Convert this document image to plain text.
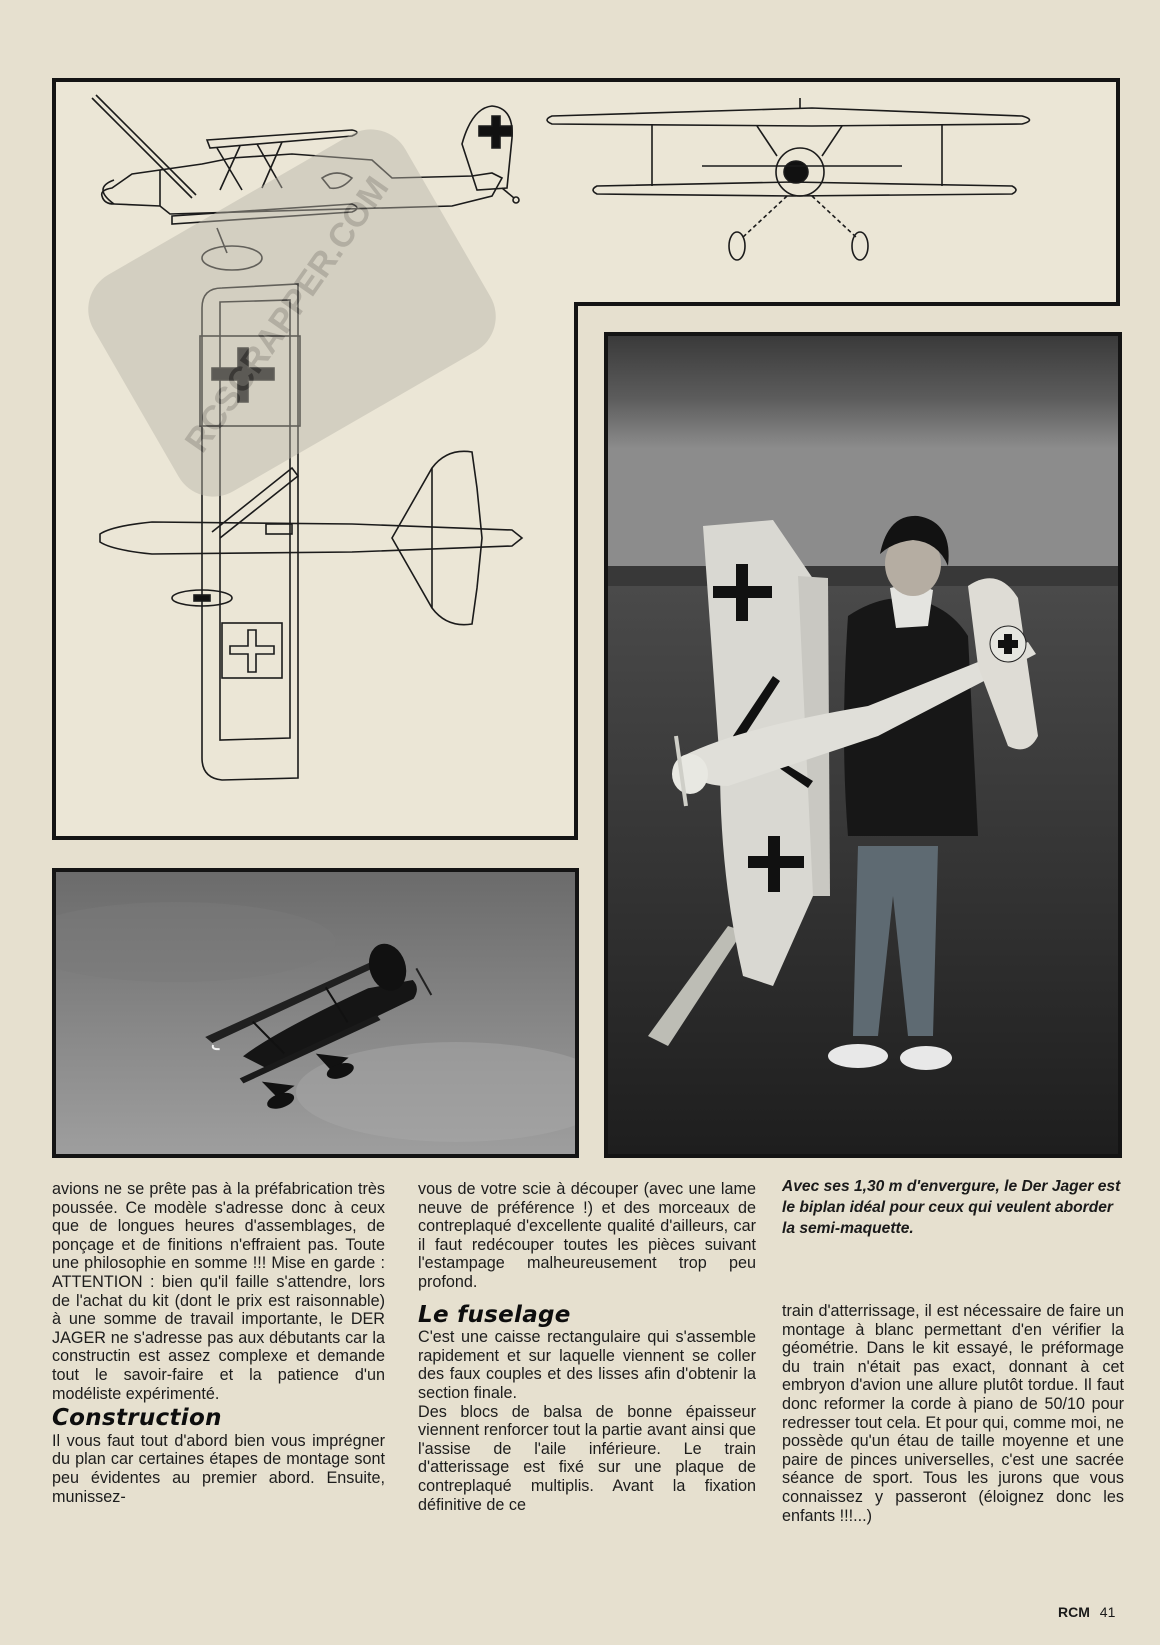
RCSCRAPPER.COM

avions ne se prête pas à la préfabrication très poussée. Ce modèle s'adresse donc à ceux que de longues heures d'assemblages, de ponçage et de finitions n'effraient pas. Toute une philosophie en somme !!! Mise en garde : ATTENTION : bien qu'il faille s'attendre, lors de l'achat du kit (dont le prix est raisonnable) à une somme de travail importante, le DER JAGER ne s'adresse pas aux débutants car la constructin est assez complexe et demande tout le savoir-faire et la patience d'un modéliste expérimenté.

Construction

Il vous faut tout d'abord bien vous imprégner du plan car certaines étapes de montage sont peu évidentes au premier abord. Ensuite, munissez-

vous de votre scie à découper (avec une lame neuve de préférence !) et des morceaux de contreplaqué d'excellente qualité d'ailleurs, car il faut redécouper toutes les pièces suivant l'estampage malheureusement trop peu profond.

Le fuselage

C'est une caisse rectangulaire qui s'assemble rapidement et sur laquelle viennent se coller des faux couples et des lisses afin d'obtenir la section finale.

Des blocs de balsa de bonne épaisseur viennent renforcer tout la partie avant ainsi que l'assise de l'aile inférieure. Le train d'atterissage est fixé sur une plaque de contreplaqué multiplis. Avant la fixation définitive de ce

Avec ses 1,30 m d'envergure, le Der Jager est le biplan idéal pour ceux qui veulent aborder la semi-maquette.

train d'atterrissage, il est nécessaire de faire un montage à blanc permettant d'en vérifier la géométrie. Dans le kit essayé, le préformage du train n'était pas exact, donnant à cet embryon d'avion une allure plutôt tordue. Il faut donc reformer la corde à piano de 50/10 pour redresser tout cela. Et pour qui, comme moi, ne possède qu'un étau de taille moyenne et une paire de pinces universelles, c'est une sacrée séance de sport. Tous les jurons que vous connaissez y passeront (éloignez donc les enfants !!!...)

RCM 41
